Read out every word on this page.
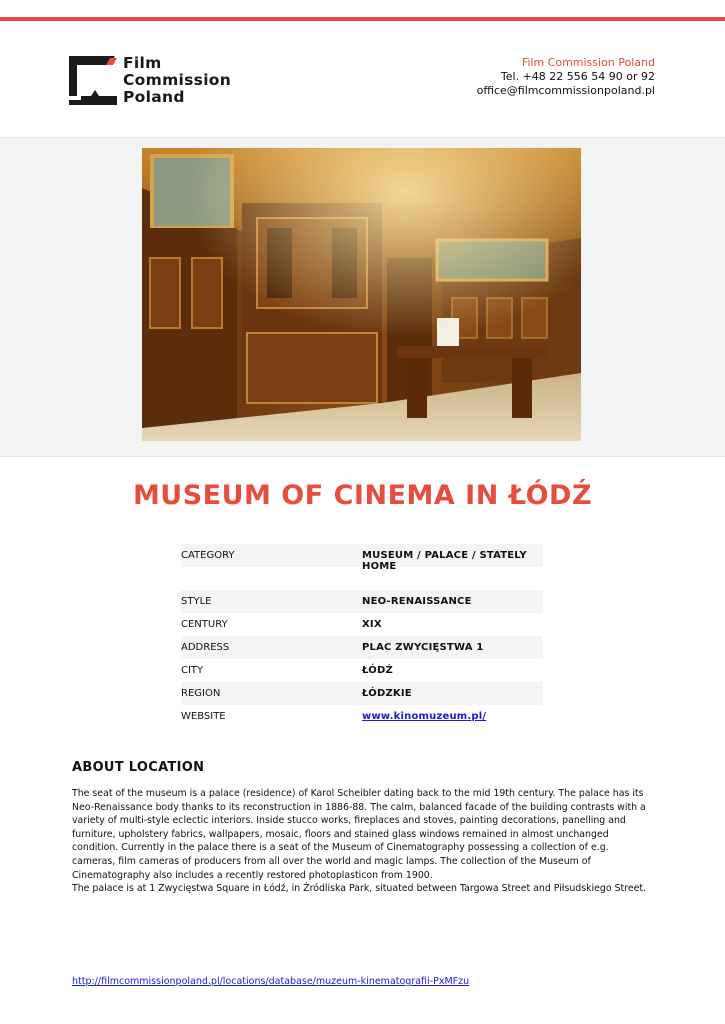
Film
Commission
Poland
Film Commission Poland
Tel. +48 22 556 54 90 or 92
office@filmcommissionpoland.pl
MUSEUM OF CINEMA IN ŁÓDŹ
CATEGORY	MUSEUM / PALACE / STATELY HOME
STYLE	NEO-RENAISSANCE
CENTURY	XIX
ADDRESS	PLAC ZWYCIĘSTWA 1
CITY	ŁÓDŹ
REGION	ŁÓDZKIE
WEBSITE	www.kinomuzeum.pl/
ABOUT LOCATION

The seat of the museum is a palace (residence) of Karol Scheibler dating back to the mid 19th century. The palace has its Neo-Renaissance body thanks to its reconstruction in 1886-88. The calm, balanced facade of the building contrasts with a variety of multi-style eclectic interiors. Inside stucco works, fireplaces and stoves, painting decorations, panelling and furniture, upholstery fabrics, wallpapers, mosaic, floors and stained glass windows remained in almost unchanged condition. Currently in the palace there is a seat of the Museum of Cinematography possessing a collection of e.g. cameras, film cameras of producers from all over the world and magic lamps. The collection of the Museum of Cinematography also includes a recently restored photoplasticon from 1900.

The palace is at 1 Zwycięstwa Square in Łódź, in Źródliska Park, situated between Targowa Street and Piłsudskiego Street.

http://filmcommissionpoland.pl/locations/database/muzeum-kinematografii-PxMFzu
